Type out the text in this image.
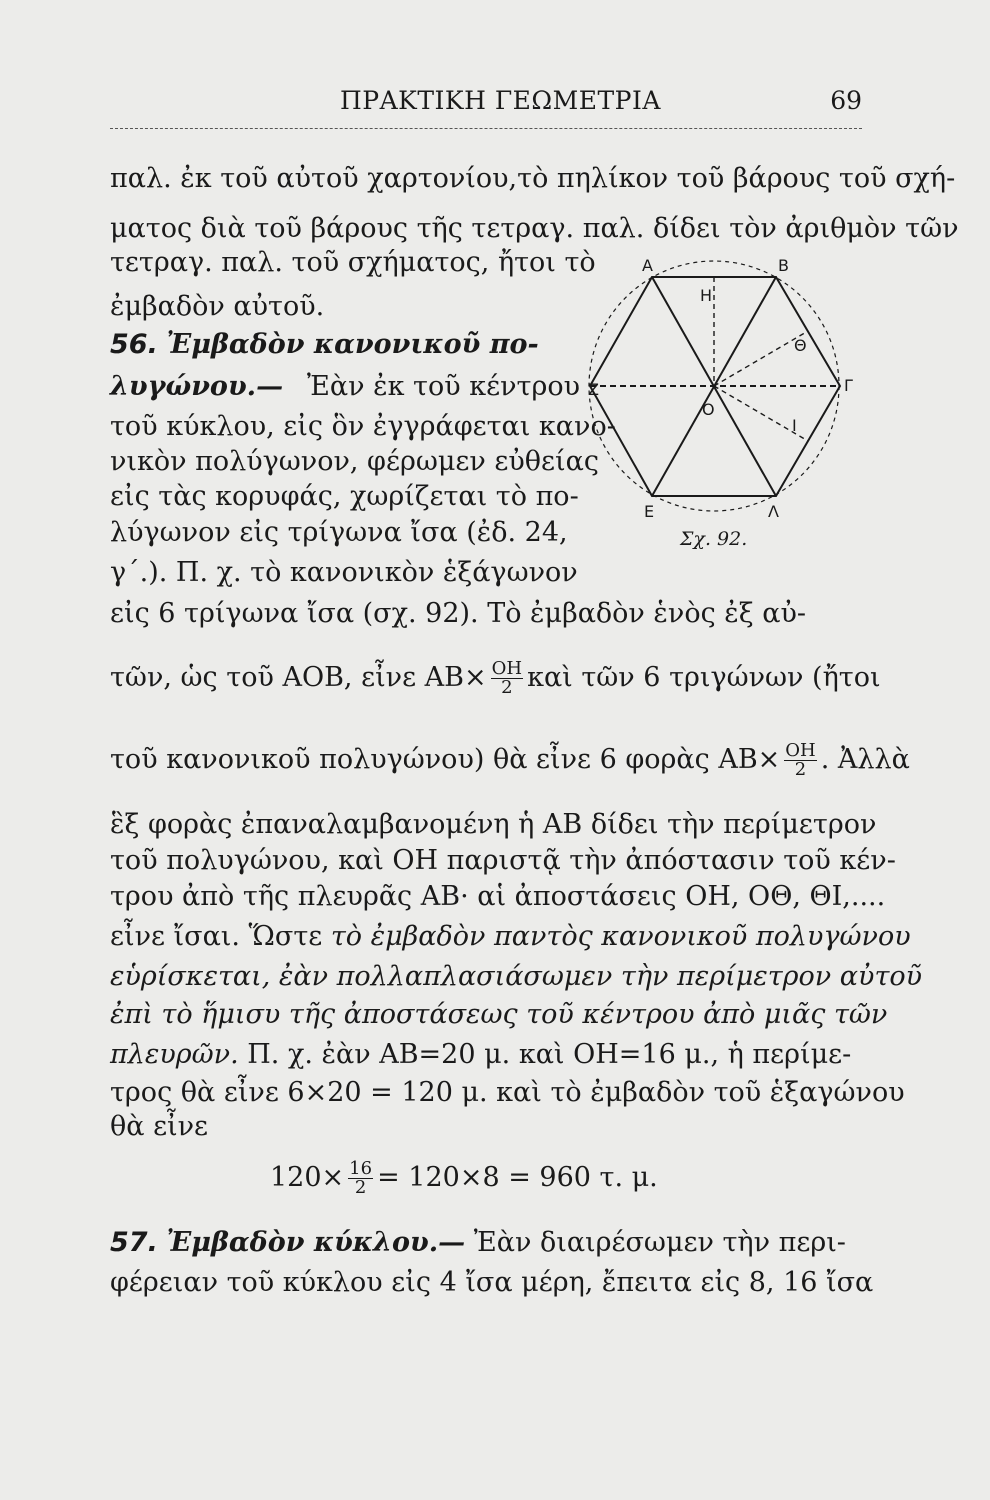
ΠΡΑΚΤΙΚΗ ΓΕΩΜΕΤΡΙΑ	69
παλ. ἐκ τοῦ αὐτοῦ χαρτονίου,τὸ πηλίκον τοῦ βάρους τοῦ σχή-
ματος διὰ τοῦ βάρους τῆς τετραγ. παλ. δίδει τὸν ἀριθμὸν τῶν
τετραγ. παλ. τοῦ σχήματος, ἤτοι τὸ
ἐμβαδὸν αὐτοῦ.
56. Ἐμβαδὸν κανονικοῦ πο-
λυγώνου.— Ἐὰν ἐκ τοῦ κέντρου
τοῦ κύκλου, εἰς ὃν ἐγγράφεται κανο-
νικὸν πολύγωνον, φέρωμεν εὐθείας
εἰς τὰς κορυφάς, χωρίζεται τὸ πο-
λύγωνον εἰς τρίγωνα ἴσα (ἐδ. 24,
γ΄.). Π. χ. τὸ κανονικὸν ἑξάγωνον
Α	Β
Η
Θ
Γ
Ζ
Ο
Ι
Ε	Λ
Σχ. 92.
εἰς 6 τρίγωνα ἴσα (σχ. 92). Τὸ ἐμβαδὸν ἑνὸς ἐξ αὐ-
τῶν, ὡς τοῦ ΑΟΒ, εἶνε $AB\times \frac{OH}{2}$ καὶ τῶν 6 τριγώνων (ἤτοι
τοῦ κανονικοῦ πολυγώνου) θὰ εἶνε 6 φορὰς $AB\times \frac{OH}{2}$ . Ἀλλὰ
ἓξ φορὰς ἐπαναλαμβανομένη ἡ ΑΒ δίδει τὴν περίμετρον
τοῦ πολυγώνου, καὶ ΟΗ παριστᾷ τὴν ἀπόστασιν τοῦ κέν-
τρου ἀπὸ τῆς πλευρᾶς ΑΒ· αἱ ἀποστάσεις ΟΗ, ΟΘ, ΘΙ,....
εἶνε ἴσαι. Ὥστε τὸ ἐμβαδὸν παντὸς κανονικοῦ πολυγώνου
εὑρίσκεται, ἐὰν πολλαπλασιάσωμεν τὴν περίμετρον αὐτοῦ
ἐπὶ τὸ ἥμισυ τῆς ἀποστάσεως τοῦ κέντρου ἀπὸ μιᾶς τῶν
πλευρῶν. Π. χ. ἐὰν ΑΒ=20 μ. καὶ ΟΗ=16 μ., ἡ περίμε-
τρος θὰ εἶνε 6×20 = 120 μ. καὶ τὸ ἐμβαδὸν τοῦ ἑξαγώνου
θὰ εἶνε
$120\times \frac{16}{2} = 120\times 8 = 960$ τ. μ.
57. Ἐμβαδὸν κύκλου.— Ἐὰν διαιρέσωμεν τὴν περι-
φέρειαν τοῦ κύκλου εἰς 4 ἴσα μέρη, ἔπειτα εἰς 8, 16 ἴσα
